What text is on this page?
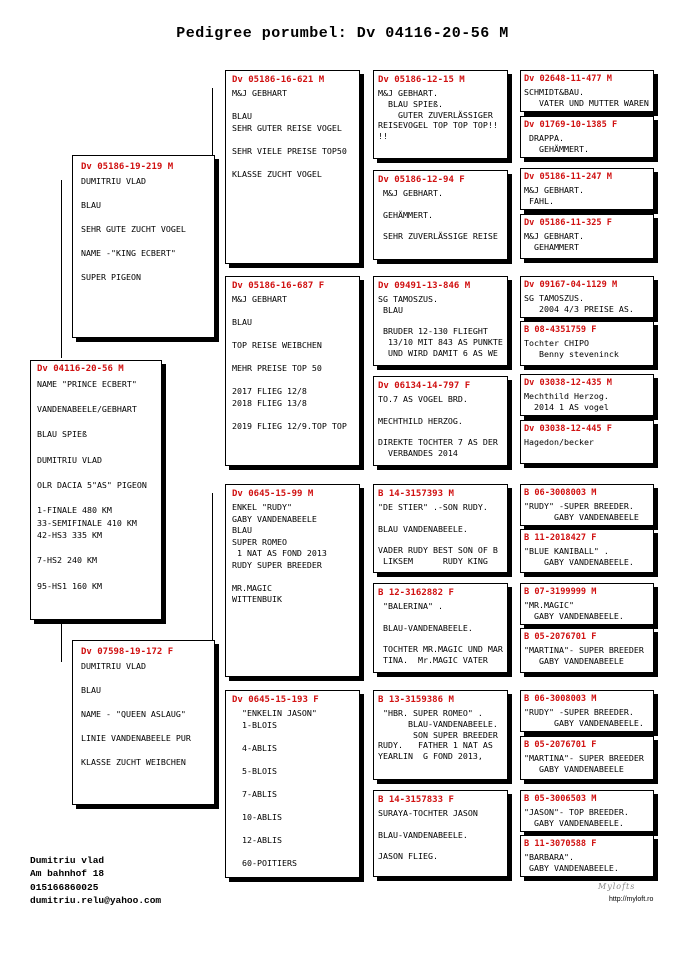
Pedigree porumbel: Dv 04116-20-56 M
Dv 04116-20-56 M
NAME "PRINCE ECBERT"

VANDENABEELE/GEBHART

BLAU SPIEß

DUMITRIU VLAD

OLR DACIA 5"AS" PIGEON

1-FINALE 480 KM
33-SEMIFINALE 410 KM
42-HS3 335 KM

7-HS2 240 KM

95-HS1 160 KM
Dv 05186-19-219 M
DUMITRIU VLAD
BLAU
SEHR GUTE ZUCHT VOGEL
NAME -"KING ECBERT"
SUPER PIGEON
Dv 07598-19-172 F
DUMITRIU VLAD
BLAU
NAME - "QUEEN ASLAUG"
LINIE VANDENABEELE PUR
KLASSE ZUCHT WEIBCHEN
Dv 05186-16-621 M
M&J GEBHART

BLAU
SEHR GUTER REISE VOGEL

SEHR VIELE PREISE TOP50

KLASSE ZUCHT VOGEL
Dv 05186-16-687 F
M&J GEBHART

BLAU

TOP REISE WEIBCHEN

MEHR PREISE TOP 50

2017 FLIEG 12/8
2018 FLIEG 13/8

2019 FLIEG 12/9.TOP TOP
Dv 0645-15-99 M
ENKEL "RUDY"
GABY VANDENABEELE
BLAU
SUPER ROMEO
1 NAT AS FOND 2013
RUDY SUPER BREEDER

MR.MAGIC
WITTENBUIK
Dv 0645-15-193 F
"ENKELIN JASON"
1-BLOIS

4-ABLIS

5-BLOIS

7-ABLIS

10-ABLIS

12-ABLIS

60-POITIERS
Dv 05186-12-15 M
M&J GEBHART.
BLAU SPIEß.
GUTER ZUVERLÄSSIGER
REISEVOGEL TOP TOP TOP!!
!!
Dv 05186-12-94 F
M&J GEBHART.

GEHÄMMERT.

SEHR ZUVERLÄSSIGE REISE
Dv 09491-13-846 M
SG TAMOSZUS.
BLAU

BRUDER 12-130 FLIEGHT
13/10 MIT 843 AS PUNKTE
UND WIRD DAMIT 6 AS WE
Dv 06134-14-797 F
TO.7 AS VOGEL BRD.

MECHTHILD HERZOG.

DIREKTE TOCHTER 7 AS DER
VERBANDES 2014
B 14-3157393 M
"DE STIER" .-SON RUDY.

BLAU VANDENABEELE.

VADER RUDY BEST SON OF B
LIKSEM      RUDY KING
B 12-3162882 F
"BALERINA" .

BLAU-VANDENABEELE.

TOCHTER MR.MAGIC UND MAR
TINA.  Mr.MAGIC VATER
B 13-3159386 M
"HBR. SUPER ROMEO" .
BLAU-VANDENABEELE.
SON SUPER BREEDER
RUDY.   FATHER 1 NAT AS
YEARLIN  G FOND 2013,
B 14-3157833 F
SURAYA-TOCHTER JASON

BLAU-VANDENABEELE.

JASON FLIEG.
Dv 02648-11-477 M
SCHMIDT&BAU.
VATER UND MUTTER WAREN
Dv 01769-10-1385 F
DRAPPA.
GEHÄMMERT.
Dv 05186-11-247 M
M&J GEBHART.
FAHL.
Dv 05186-11-325 F
M&J GEBHART.
GEHAMMERT
Dv 09167-04-1129 M
SG TAMOSZUS.
2004 4/3 PREISE AS.
B 08-4351759 F
Tochter CHIPO
Benny steveninck
Dv 03038-12-435 M
Mechthild Herzog.
2014 1 AS vogel
Dv 03038-12-445 F
Hagedon/becker
B 06-3008003 M
"RUDY" -SUPER BREEDER.
GABY VANDENABEELE
B 11-2018427 F
"BLUE KANIBALL" .
GABY VANDENABEELE.
B 07-3199999 M
"MR.MAGIC"
GABY VANDENABEELE.
B 05-2076701 F
"MARTINA"- SUPER BREEDER
GABY VANDENABEELE
B 06-3008003 M
"RUDY" -SUPER BREEDER.
GABY VANDENABEELE.
B 05-2076701 F
"MARTINA"- SUPER BREEDER
GABY VANDENABEELE
B 05-3006503 M
"JASON"- TOP BREEDER.
GABY VANDENABEELE.
B 11-3070588 F
"BARBARA".
GABY VANDENABEELE.
Dumitriu vlad
Am bahnhof 18
015166860025
dumitriu.relu@yahoo.com
Mylofts
http://myloft.ro
